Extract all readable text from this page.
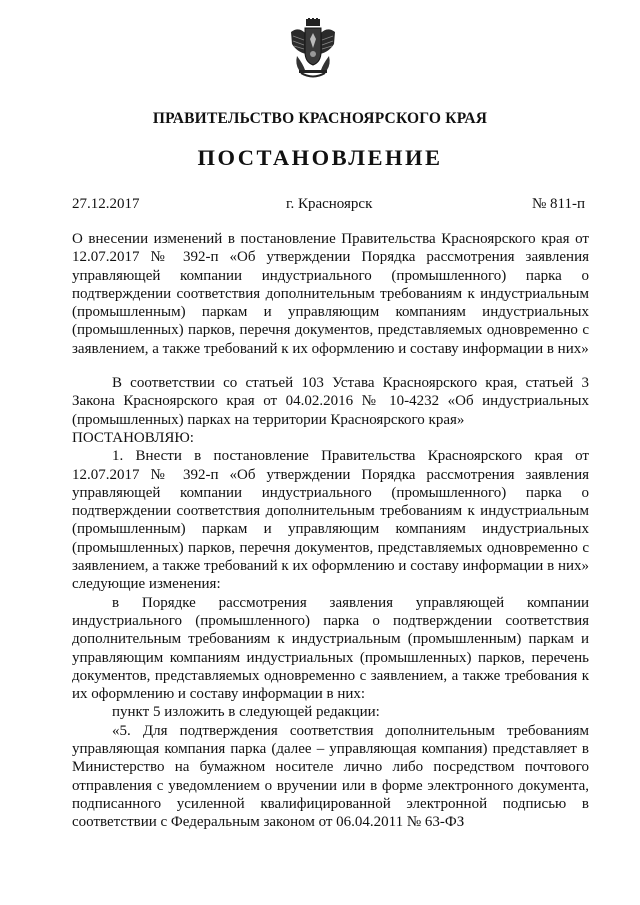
ПРАВИТЕЛЬСТВО КРАСНОЯРСКОГО КРАЯ
ПОСТАНОВЛЕНИЕ
27.12.2017	г. Красноярск	№ 811-п

О внесении изменений в постановление Правительства Красноярского края от 12.07.2017 № 392-п «Об утверждении Порядка рассмотрения заявления управляющей компании индустриального (промышленного) парка о подтверждении соответствия дополнительным требованиям к индустриальным (промышленным) паркам и управляющим компаниям индустриальных (промышленных) парков, перечня документов, представляемых одновременно с заявлением, а также требований к их оформлению и составу информации в них»

В соответствии со статьей 103 Устава Красноярского края, статьей 3 Закона Красноярского края от 04.02.2016 № 10-4232 «Об индустриальных (промышленных) парках на территории Красноярского края»

ПОСТАНОВЛЯЮ:

1. Внести в постановление Правительства Красноярского края от 12.07.2017 № 392-п «Об утверждении Порядка рассмотрения заявления управляющей компании индустриального (промышленного) парка о подтверждении соответствия дополнительным требованиям к индустриальным (промышленным) паркам и управляющим компаниям индустриальных (промышленных) парков, перечня документов, представляемых одновременно с заявлением, а также требований к их оформлению и составу информации в них» следующие изменения:

в Порядке рассмотрения заявления управляющей компании индустриального (промышленного) парка о подтверждении соответствия дополнительным требованиям к индустриальным (промышленным) паркам и управляющим компаниям индустриальных (промышленных) парков, перечень документов, представляемых одновременно с заявлением, а также требования к их оформлению и составу информации в них:

пункт 5 изложить в следующей редакции:

«5. Для подтверждения соответствия дополнительным требованиям управляющая компания парка (далее – управляющая компания) представляет в Министерство на бумажном носителе лично либо посредством почтового отправления с уведомлением о вручении или в форме электронного документа, подписанного усиленной квалифицированной электронной подписью в соответствии с Федеральным законом от 06.04.2011 № 63-ФЗ
